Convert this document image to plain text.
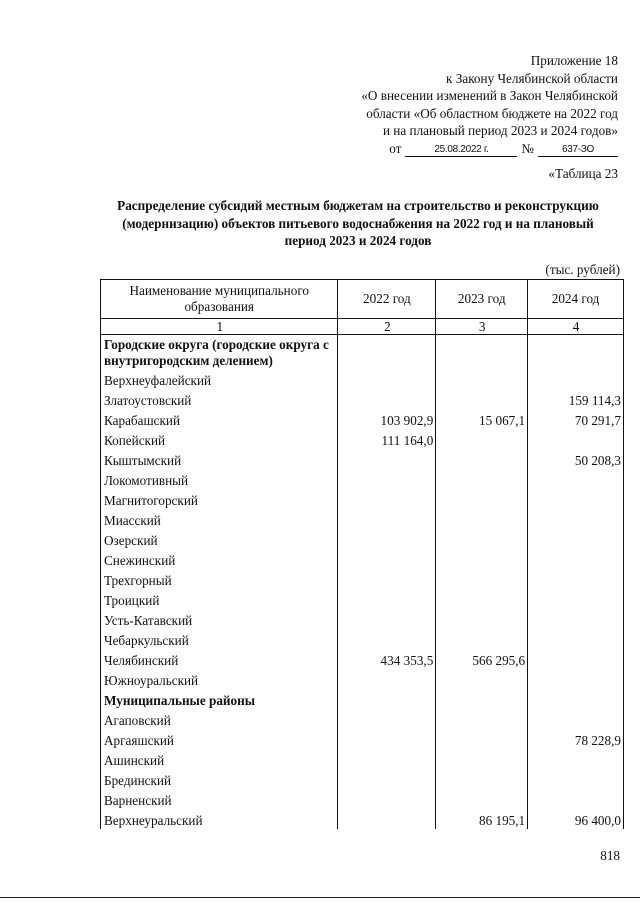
Приложение 18
к Закону Челябинской области
«О внесении изменений в Закон Челябинской
области «Об областном бюджете на 2022 год
и на плановый период 2023 и 2024 годов»
от	25.08.2022 г.	№	637-ЗО
«Таблица 23
Распределение субсидий местным бюджетам на строительство и реконструкцию (модернизацию) объектов питьевого водоснабжения на 2022 год и на плановый период 2023 и 2024 годов
(тыс. рублей)
Наименование муниципального образования	2022 год	2023 год	2024 год
1	2	3	4
Городские округа (городские округа с внутригородским делением)			
Верхнеуфалейский			
Златоустовский			159 114,3
Карабашский	103 902,9	15 067,1	70 291,7
Копейский	111 164,0		
Кыштымский			50 208,3
Локомотивный			
Магнитогорский			
Миасский			
Озерский			
Снежинский			
Трехгорный			
Троицкий			
Усть-Катавский			
Чебаркульский			
Челябинский	434 353,5	566 295,6	
Южноуральский			
Муниципальные районы			
Агаповский			
Аргаяшский			78 228,9
Ашинский			
Брединский			
Варненский			
Верхнеуральский		86 195,1	96 400,0
818
